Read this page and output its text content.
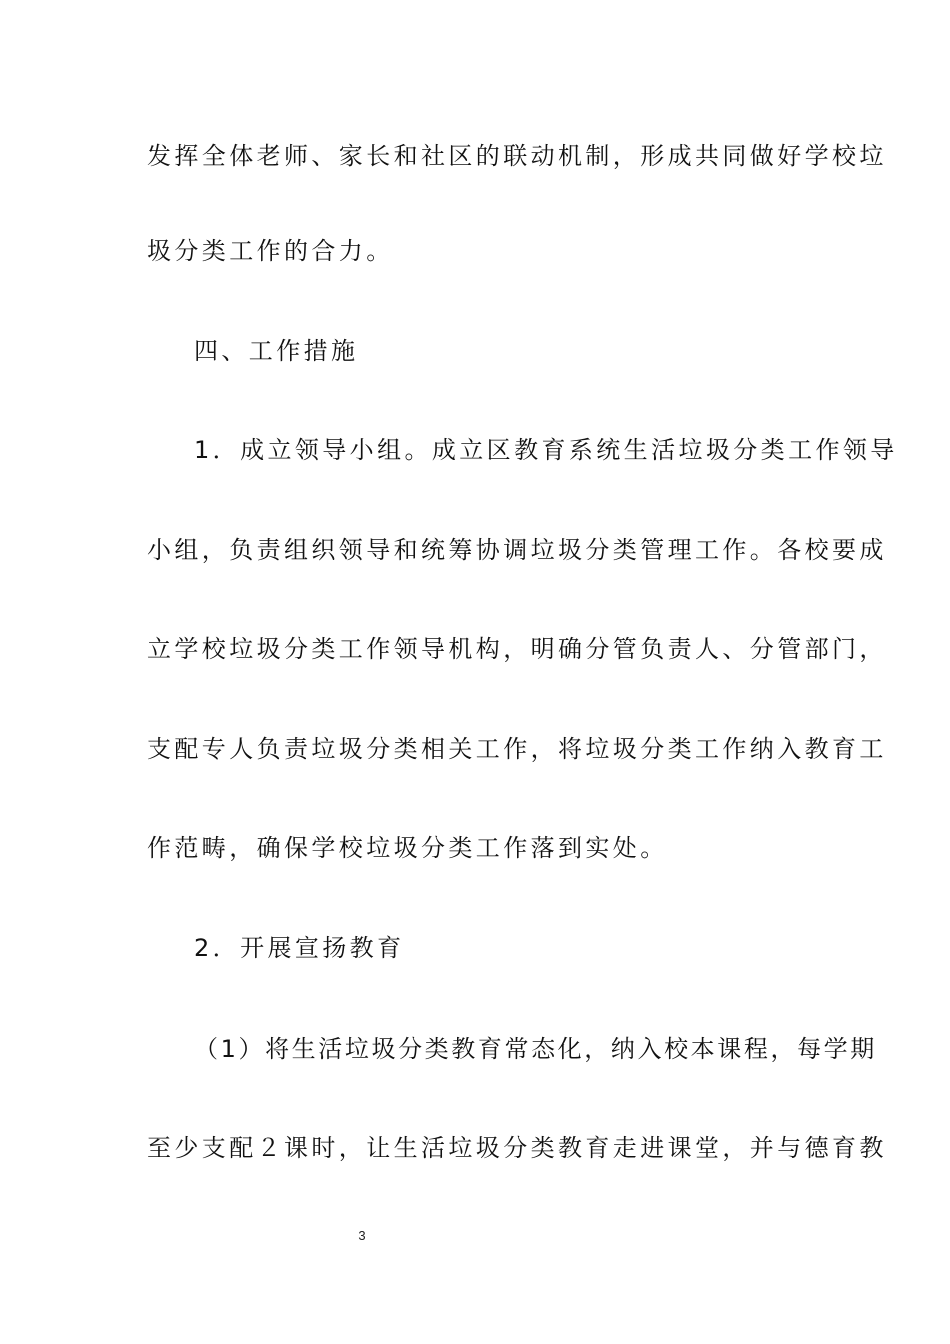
发挥全体老师、家长和社区的联动机制，形成共同做好学校垃
圾分类工作的合力。
四、工作措施
1．成立领导小组。成立区教育系统生活垃圾分类工作领导
小组，负责组织领导和统筹协调垃圾分类管理工作。各校要成
立学校垃圾分类工作领导机构，明确分管负责人、分管部门，
支配专人负责垃圾分类相关工作，将垃圾分类工作纳入教育工
作范畴，确保学校垃圾分类工作落到实处。
2．开展宣扬教育
（1）将生活垃圾分类教育常态化，纳入校本课程，每学期
至少支配２课时，让生活垃圾分类教育走进课堂，并与德育教
3
